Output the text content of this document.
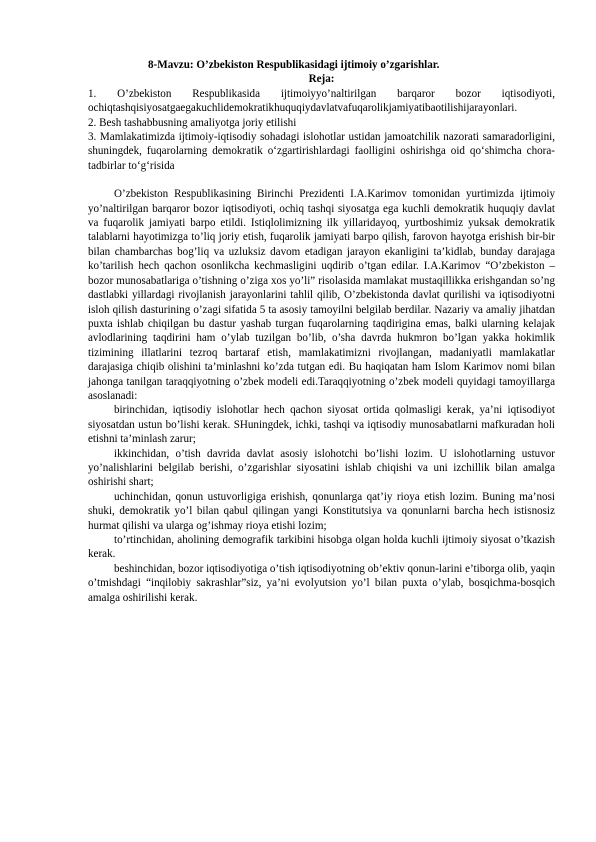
8-Mavzu: O’zbekiston Respublikasidagi ijtimoiy o’zgarishlar.

Reja:

1. O’zbekiston Respublikasida ijtimoiyyo’naltirilgan barqaror bozor iqtisodiyoti, ochiqtashqisiyosatgaegakuchlidemokratikhuquqiydavlatvafuqarolikjamiyatibaotilishijarayonlari.

2. Besh tashabbusning amaliyotga joriy etilishi

3. Mamlakatimizda ijtimoiy-iqtisodiy sohadagi islohotlar ustidan jamoatchilik nazorati samaradorligini, shuningdek, fuqarolarning demokratik o‘zgartirishlardagi faolligini oshirishga oid qo‘shimcha chora-tadbirlar to‘g‘risida

O’zbekiston Respublikasining Birinchi Prezidenti I.A.Karimov tomonidan yurtimizda ijtimoiy yo’naltirilgan barqaror bozor iqtisodiyoti, ochiq tashqi siyosatga ega kuchli demokratik huquqiy davlat va fuqarolik jamiyati barpo etildi. Istiqlolimizning ilk yillaridayoq, yurtboshimiz yuksak demokratik talablarni hayotimizga to’liq joriy etish, fuqarolik jamiyati barpo qilish, farovon hayotga erishish bir-bir bilan chambarchas bog’liq va uzluksiz davom etadigan jarayon ekanligini ta’kidlab, bunday darajaga ko’tarilish hech qachon osonlikcha kechmasligini uqdirib o’tgan edilar. I.A.Karimov “O’zbekiston – bozor munosabatlariga o’tishning o’ziga xos yo’li” risolasida mamlakat mustaqillikka erishgandan so’ng dastlabki yillardagi rivojlanish jarayonlarini tahlil qilib, O’zbekistonda davlat qurilishi va iqtisodiyotni isloh qilish dasturining o’zagi sifatida 5 ta asosiy tamoyilni belgilab berdilar. Nazariy va amaliy jihatdan puxta ishlab chiqilgan bu dastur yashab turgan fuqarolarning taqdirigina emas, balki ularning kelajak avlodlarining taqdirini ham o’ylab tuzilgan bo’lib, o’sha davrda hukmron bo’lgan yakka hokimlik tizimining illatlarini tezroq bartaraf etish, mamlakatimizni rivojlangan, madaniyatli mamlakatlar darajasiga chiqib olishini ta’minlashni ko’zda tutgan edi. Bu haqiqatan ham Islom Karimov nomi bilan jahonga tanilgan taraqqiyotning o’zbek modeli edi.Taraqqiyotning o’zbek modeli quyidagi tamoyillarga asoslanadi:

birinchidan, iqtisodiy islohotlar hech qachon siyosat ortida qolmasligi kerak, ya’ni iqtisodiyot siyosatdan ustun bo’lishi kerak. SHuningdek, ichki, tashqi va iqtisodiy munosabatlarni mafkuradan holi etishni ta’minlash zarur;

ikkinchidan, o’tish davrida davlat asosiy islohotchi bo’lishi lozim. U islohotlarning ustuvor yo’nalishlarini belgilab berishi, o’zgarishlar siyosatini ishlab chiqishi va uni izchillik bilan amalga oshirishi shart;

uchinchidan, qonun ustuvorligiga erishish, qonunlarga qat’iy rioya etish lozim. Buning ma’nosi shuki, demokratik yo’l bilan qabul qilingan yangi Konstitutsiya va qonunlarni barcha hech istisnosiz hurmat qilishi va ularga og’ishmay rioya etishi lozim;

to’rtinchidan, aholining demografik tarkibini hisobga olgan holda kuchli ijtimoiy siyosat o’tkazish kerak.

beshinchidan, bozor iqtisodiyotiga o’tish iqtisodiyotning ob’ektiv qonun-larini e’tiborga olib, yaqin o’tmishdagi “inqilobiy sakrashlar”siz, ya’ni evolyutsion yo’l bilan puxta o’ylab, bosqichma-bosqich amalga oshirilishi kerak.
